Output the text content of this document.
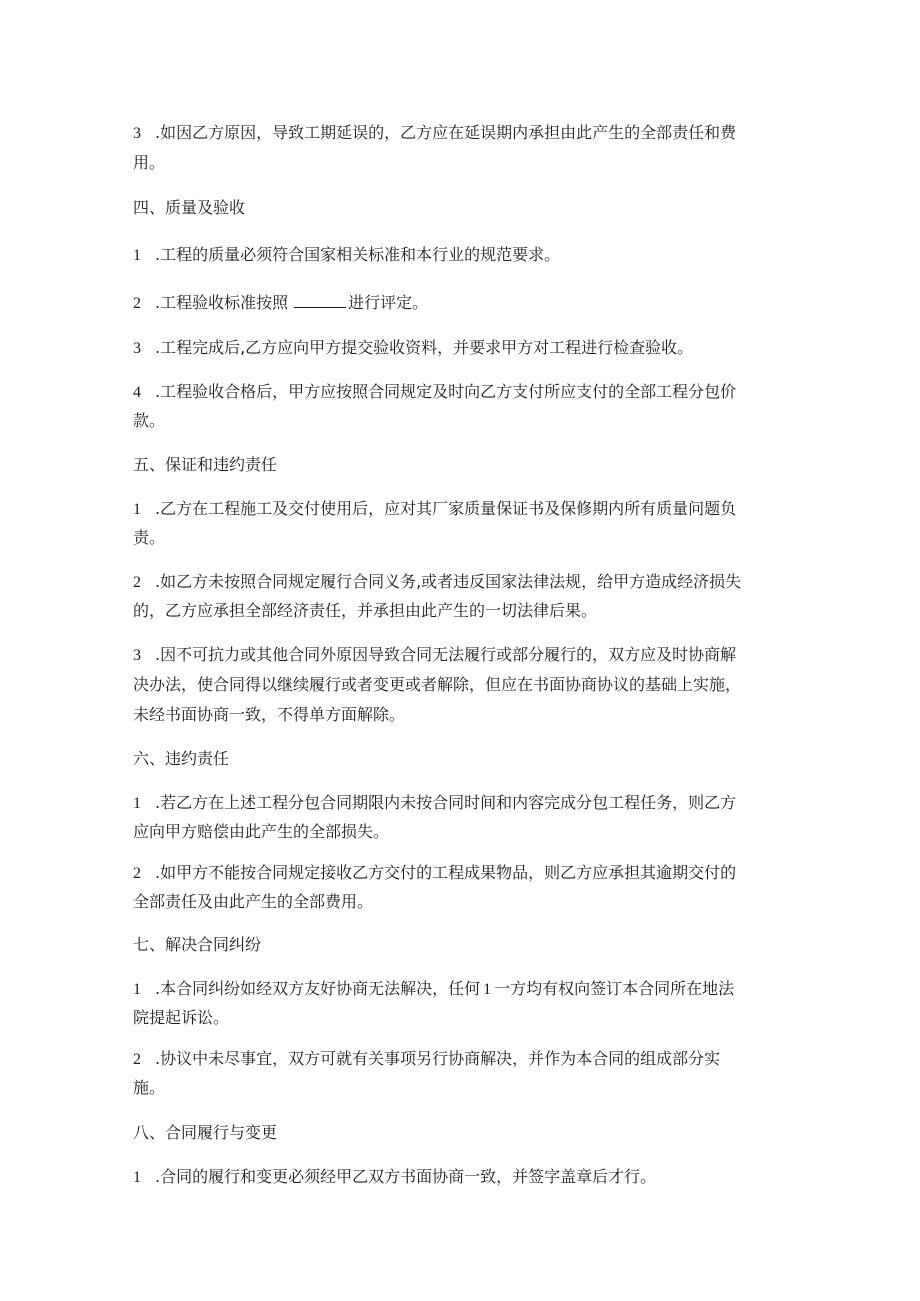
3 .如因乙方原因，导致工期延误的，乙方应在延误期内承担由此产生的全部责任和费
用。
四、质量及验收
1 .工程的质量必须符合国家相关标准和本行业的规范要求。
2 .工程验收标准按照	进行评定。
3 .工程完成后,乙方应向甲方提交验收资料，并要求甲方对工程进行检查验收。
4 .工程验收合格后，甲方应按照合同规定及时向乙方支付所应支付的全部工程分包价
款。
五、保证和违约责任
1 .乙方在工程施工及交付使用后，应对其厂家质量保证书及保修期内所有质量问题负
责。
2 .如乙方未按照合同规定履行合同义务,或者违反国家法律法规，给甲方造成经济损失
的，乙方应承担全部经济责任，并承担由此产生的一切法律后果。
3 .因不可抗力或其他合同外原因导致合同无法履行或部分履行的，双方应及时协商解
决办法，使合同得以继续履行或者变更或者解除，但应在书面协商协议的基础上实施，
未经书面协商一致，不得单方面解除。
六、违约责任
1 .若乙方在上述工程分包合同期限内未按合同时间和内容完成分包工程任务，则乙方
应向甲方赔偿由此产生的全部损失。
2 .如甲方不能按合同规定接收乙方交付的工程成果物品，则乙方应承担其逾期交付的
全部责任及由此产生的全部费用。
七、解决合同纠纷
1 .本合同纠纷如经双方友好协商无法解决，任何 1 一方均有权向签订本合同所在地法
院提起诉讼。
2 .协议中未尽事宜，双方可就有关事项另行协商解决，并作为本合同的组成部分实
施。
八、合同履行与变更
1 .合同的履行和变更必须经甲乙双方书面协商一致，并签字盖章后才行。
